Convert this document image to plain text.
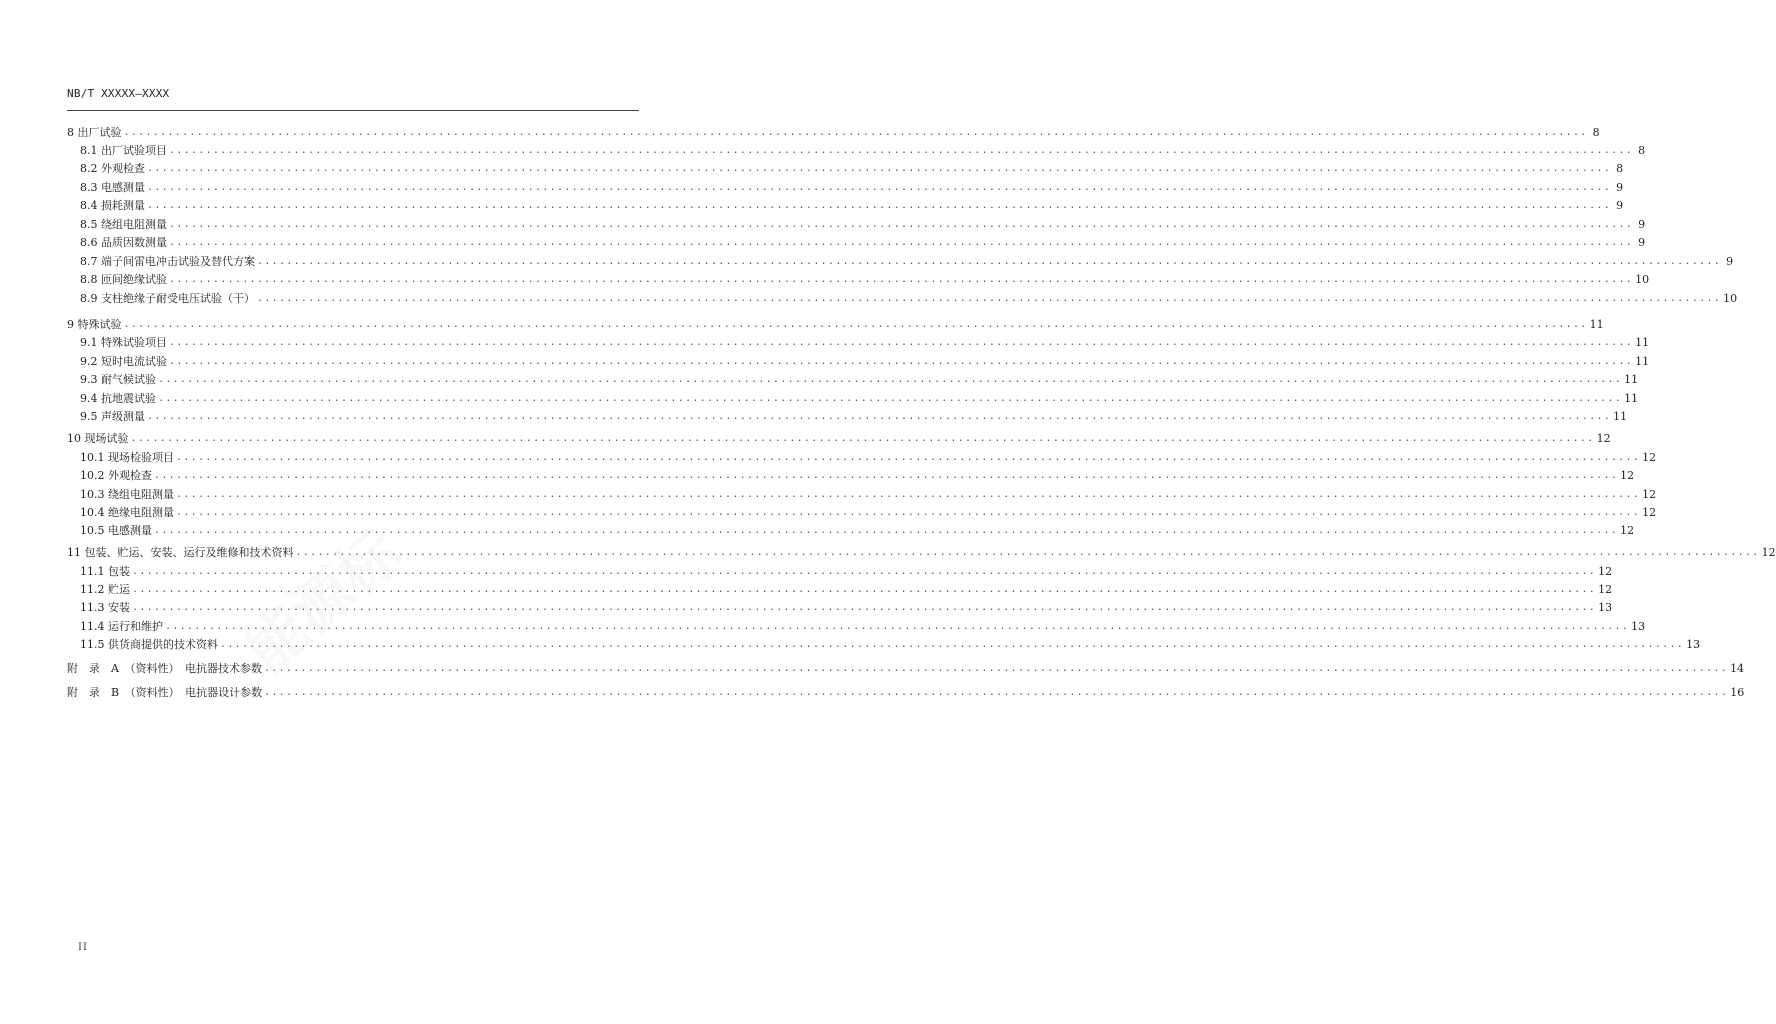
NB/T XXXXX—XXXX
8 出厂试验 ........................................................................................................................................................................................................ 8
8.1 出厂试验项目 ........................................................................................................................................................................................................ 8
8.2 外观检查 ........................................................................................................................................................................................................ 8
8.3 电感测量 ........................................................................................................................................................................................................ 9
8.4 损耗测量 ........................................................................................................................................................................................................ 9
8.5 绕组电阻测量 ........................................................................................................................................................................................................ 9
8.6 品质因数测量 ........................................................................................................................................................................................................ 9
8.7 端子间雷电冲击试验及替代方案 ........................................................................................................................................................................................................ 9
8.8 匝间绝缘试验 ........................................................................................................................................................................................................ 10
8.9 支柱绝缘子耐受电压试验（干） ........................................................................................................................................................................................................ 10
9 特殊试验 ........................................................................................................................................................................................................ 11
9.1 特殊试验项目 ........................................................................................................................................................................................................ 11
9.2 短时电流试验 ........................................................................................................................................................................................................ 11
9.3 耐气候试验 ........................................................................................................................................................................................................ 11
9.4 抗地震试验 ........................................................................................................................................................................................................ 11
9.5 声级测量 ........................................................................................................................................................................................................ 11
10 现场试验 ........................................................................................................................................................................................................ 12
10.1 现场检验项目 ........................................................................................................................................................................................................ 12
10.2 外观检查 ........................................................................................................................................................................................................ 12
10.3 绕组电阻测量 ........................................................................................................................................................................................................ 12
10.4 绝缘电阻测量 ........................................................................................................................................................................................................ 12
10.5 电感测量 ........................................................................................................................................................................................................ 12
11 包装、贮运、安装、运行及维修和技术资料 ........................................................................................................................................................................................................ 12
11.1 包装 ........................................................................................................................................................................................................ 12
11.2 贮运 ........................................................................................................................................................................................................ 12
11.3 安装 ........................................................................................................................................................................................................ 13
11.4 运行和维护 ........................................................................................................................................................................................................ 13
11.5 供货商提供的技术资料 ........................................................................................................................................................................................................ 13
附　录　A　（资料性）　电抗器技术参数 ........................................................................................................................................................................................................ 14
附　录　B　（资料性）　电抗器设计参数 ........................................................................................................................................................................................................ 16
能源标
II
